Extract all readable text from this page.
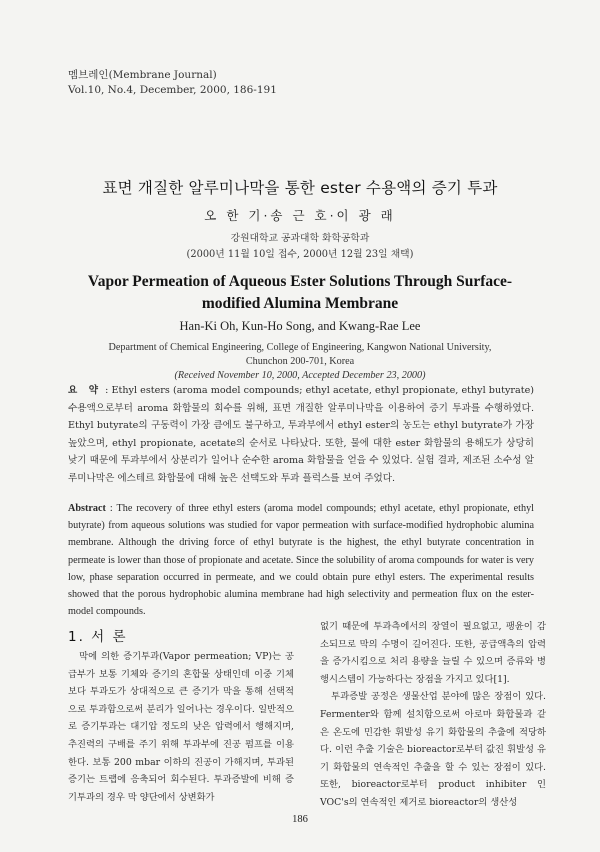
멤브레인(Membrane Journal)
Vol.10, No.4, December, 2000, 186-191
표면 개질한 알루미나막을 통한 ester 수용액의 증기 투과
오 한 기·송 근 호·이 광 래
강원대학교 공과대학 화학공학과
(2000년 11월 10일 접수, 2000년 12월 23일 채택)
Vapor Permeation of Aqueous Ester Solutions Through Surface-modified Alumina Membrane
Han-Ki Oh, Kun-Ho Song, and Kwang-Rae Lee
Department of Chemical Engineering, College of Engineering, Kangwon National University,
Chunchon 200-701, Korea
(Received November 10, 2000, Accepted December 23, 2000)
요 약 : Ethyl esters (aroma model compounds; ethyl acetate, ethyl propionate, ethyl butyrate) 수용액으로부터 aroma 화합물의 회수를 위해, 표면 개질한 알루미나막을 이용하여 증기 투과를 수행하였다. Ethyl butyrate의 구동력이 가장 큼에도 불구하고, 투과부에서 ethyl ester의 농도는 ethyl butyrate가 가장 높았으며, ethyl propionate, acetate의 순서로 나타났다. 또한, 물에 대한 ester 화합물의 용해도가 상당히 낮기 때문에 투과부에서 상분리가 일어나 순수한 aroma 화합물을 얻을 수 있었다. 실험 결과, 제조된 소수성 알루미나막은 에스테르 화합물에 대해 높은 선택도와 투과 플럭스를 보여 주었다.
Abstract : The recovery of three ethyl esters (aroma model compounds; ethyl acetate, ethyl propionate, ethyl butyrate) from aqueous solutions was studied for vapor permeation with surface-modified hydrophobic alumina membrane. Although the driving force of ethyl butyrate is the highest, the ethyl butyrate concentration in permeate is lower than those of propionate and acetate. Since the solubility of aroma compounds for water is very low, phase separation occurred in permeate, and we could obtain pure ethyl esters. The experimental results showed that the porous hydrophobic alumina membrane had high selectivity and permeation flux on the ester-model compounds.
1. 서 론
막에 의한 증기투과(Vapor permeation; VP)는 공급부가 보통 기체와 증기의 혼합물 상태인데 이중 기체보다 투과도가 상대적으로 큰 증기가 막을 통해 선택적으로 투과함으로써 분리가 일어나는 경우이다. 일반적으로 증기투과는 대기압 정도의 낮은 압력에서 행해지며, 추진력의 구배를 주기 위해 투과부에 진공 펌프를 이용한다. 보통 200 mbar 이하의 진공이 가해지며, 투과된 증기는 트랩에 응축되어 회수된다. 투과증발에 비해 증기투과의 경우 막 양단에서 상변화가

없기 때문에 투과측에서의 장열이 필요없고, 팽윤이 감소되므로 막의 수명이 길어진다. 또한, 공급액측의 압력을 증가시킴으로 처리 용량을 늘릴 수 있으며 증류와 병행시스템이 가능하다는 장점을 가지고 있다[1].

투과증발 공정은 생물산업 분야에 많은 장점이 있다. Fermenter와 함께 설치함으로써 아로마 화합물과 같은 온도에 민감한 휘발성 유기 화합물의 추출에 적당하다. 이런 추출 기술은 bioreactor로부터 값진 휘발성 유기 화합물의 연속적인 추출을 할 수 있는 장점이 있다. 또한, bioreactor로부터 product inhibiter 인 VOC's의 연속적인 제거로 bioreactor의 생산성

186
